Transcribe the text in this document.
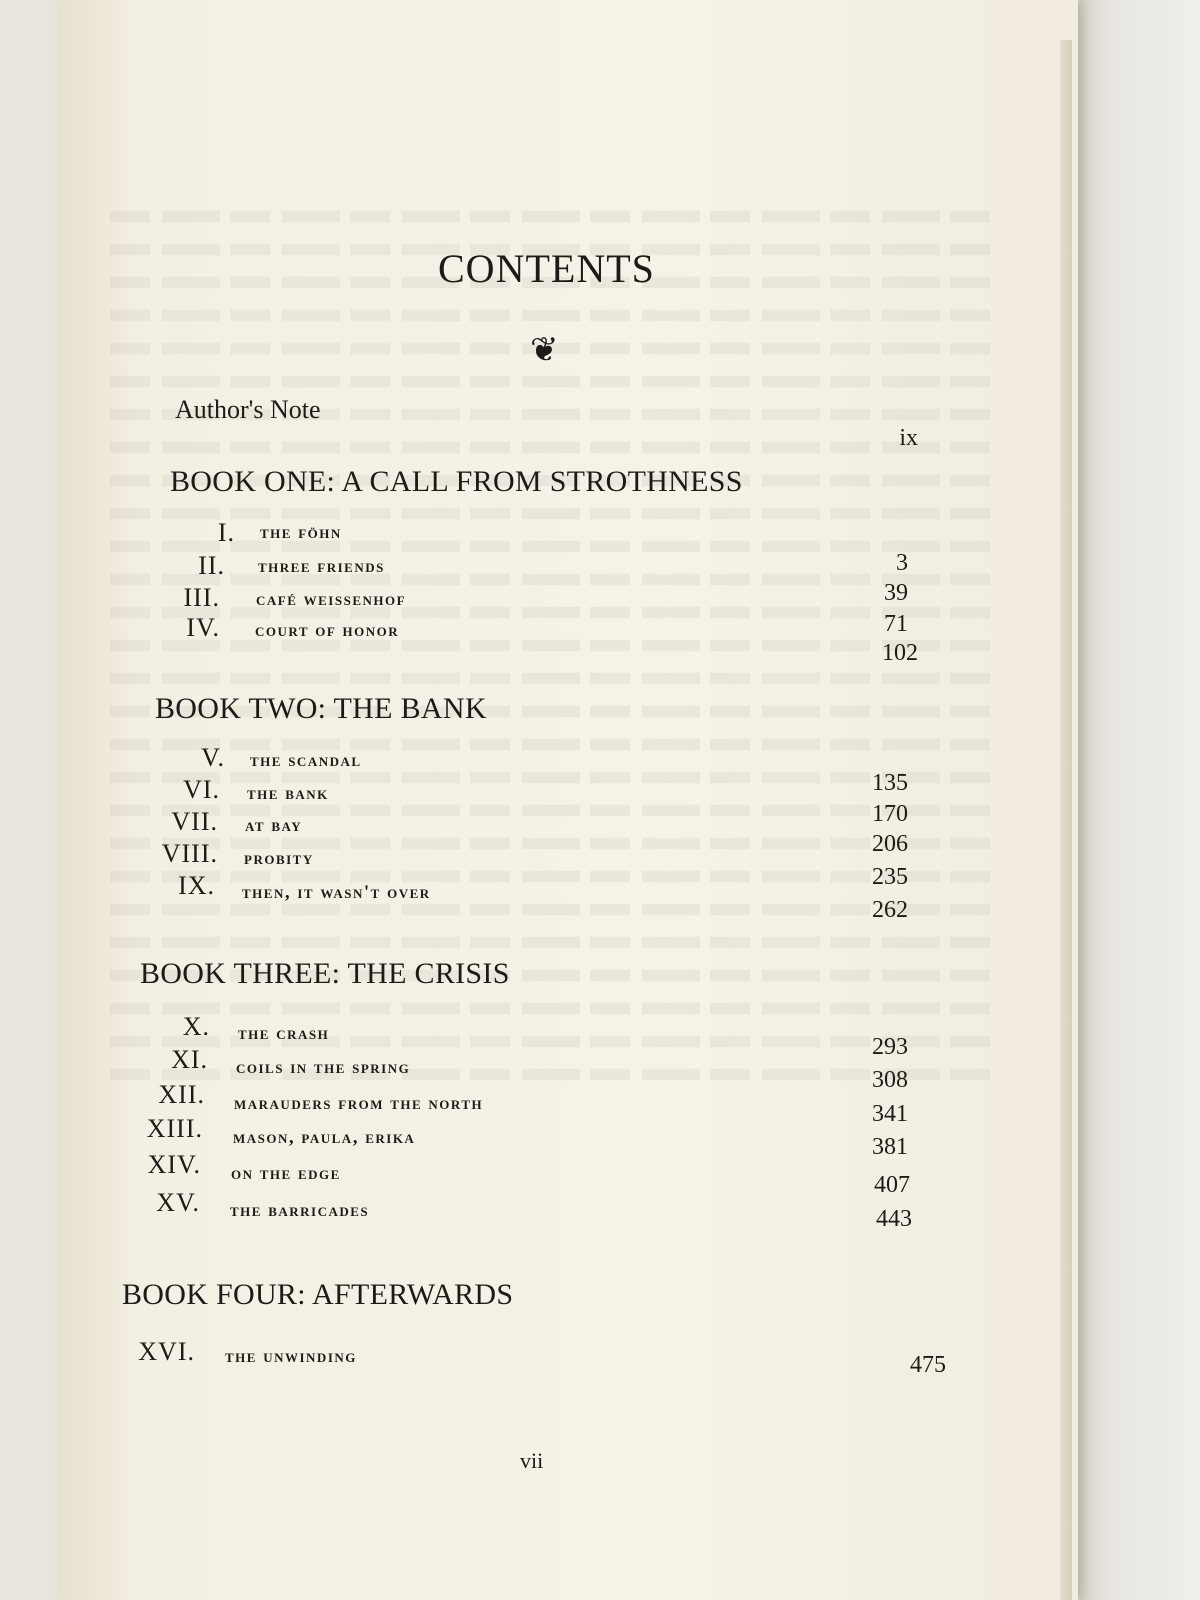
CONTENTS
❦
Author's Note
ix
BOOK ONE: A CALL FROM STROTHNESS
I. the föhn
II. three friends
III. café weissenhof
IV. court of honor
3
39
71
102
BOOK TWO: THE BANK
V. the scandal
VI. the bank
VII. at bay
VIII. probity
IX. then, it wasn't over
135
170
206
235
262
BOOK THREE: THE CRISIS
X. the crash
XI. coils in the spring
XII. marauders from the north
XIII. mason, paula, erika
XIV. on the edge
XV. the barricades
293
308
341
381
407
443
BOOK FOUR: AFTERWARDS
XVI. the unwinding	475
vii
